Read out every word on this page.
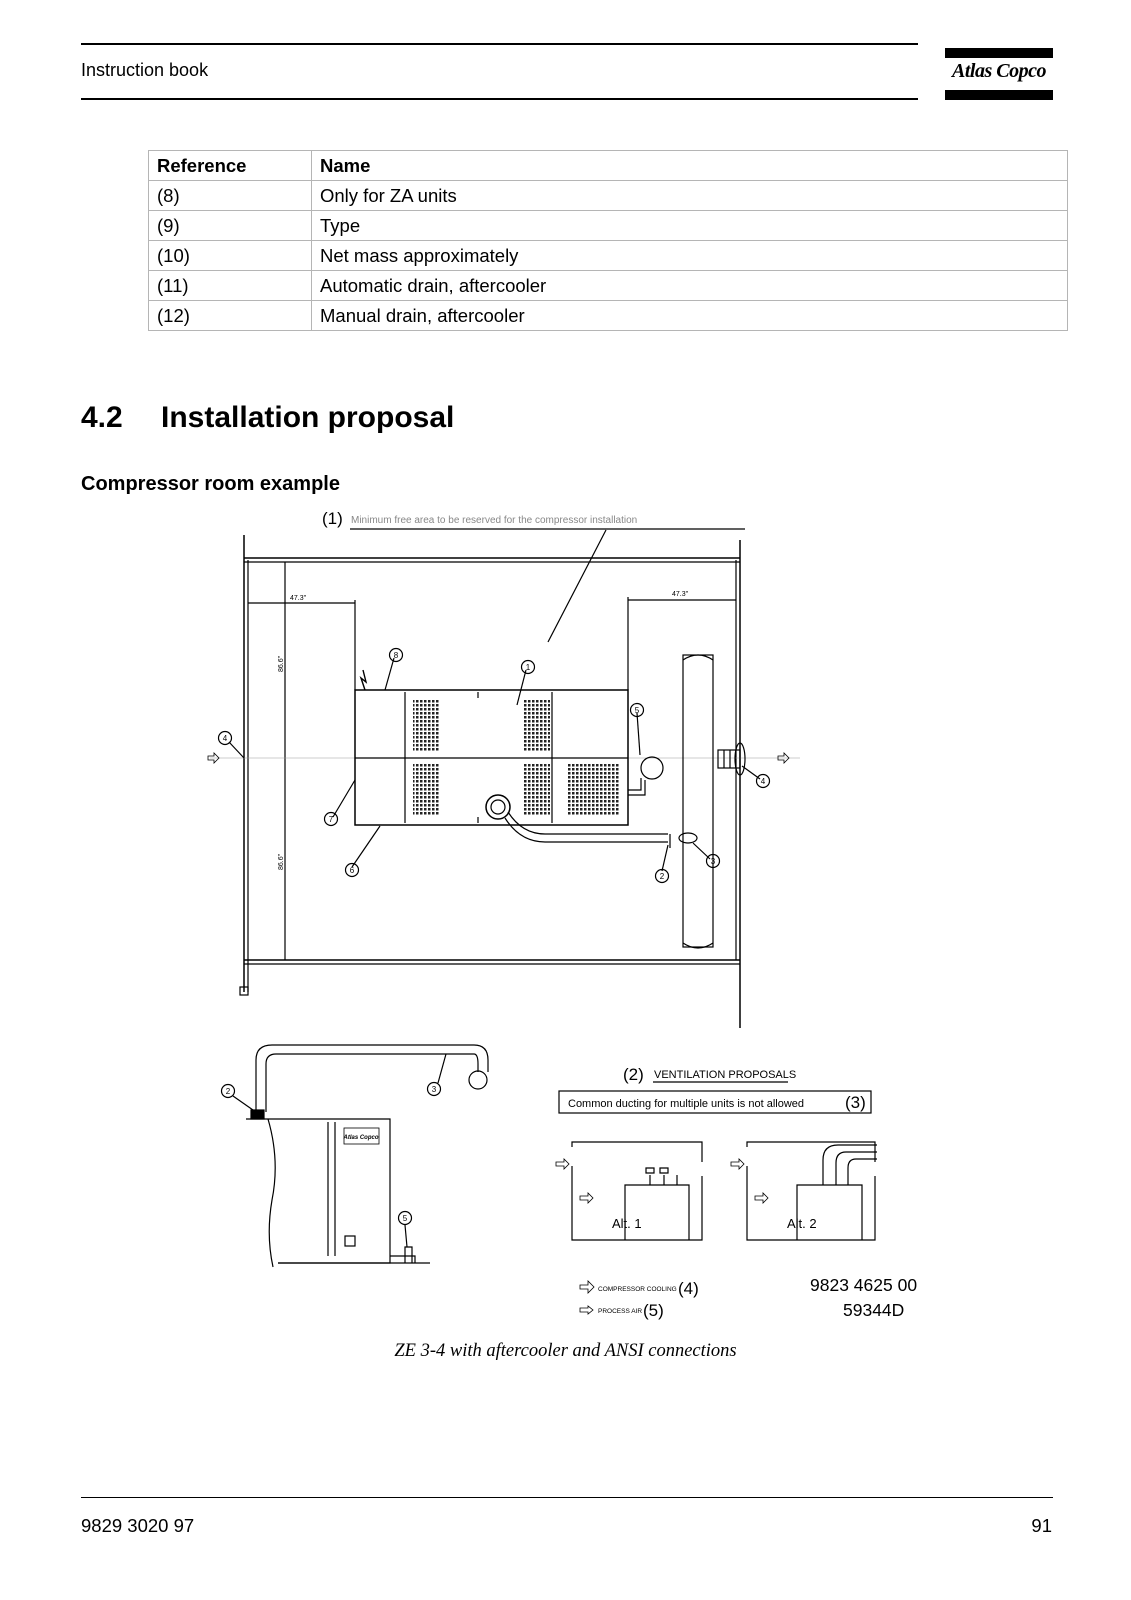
Instruction book	Atlas Copco
Reference	Name
(8)	Only for ZA units
(9)	Type
(10)	Net mass approximately
(11)	Automatic drain, aftercooler
(12)	Manual drain, aftercooler
4.2 Installation proposal
Compressor room example
(1) Minimum free area to be reserved for the compressor installation
47.3"
47.3"
86.6"
86.6"
4
4
8
1
5
7
6
3
2
Atlas Copco
2	3
5
(2) VENTILATION PROPOSALS
Common ducting for multiple units is not allowed (3)
Alt. 1	Alt. 2
COMPRESSOR COOLING (4)
PROCESS AIR (5)
9823 4625 00
59344D
ZE 3-4 with aftercooler and ANSI connections
9829 3020 97	91
